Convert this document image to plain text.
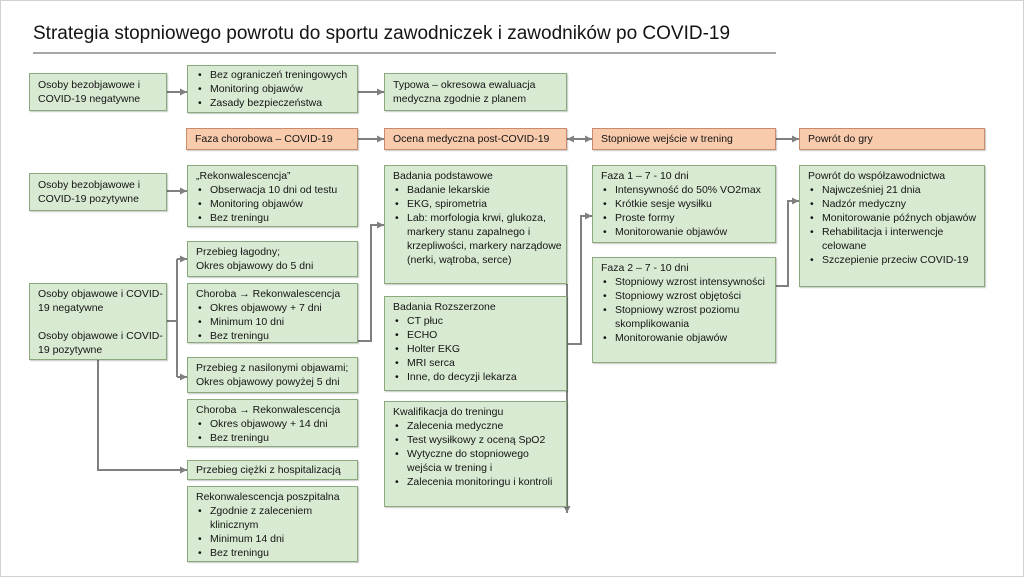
Strategia stopniowego powrotu do sportu zawodniczek i zawodników po COVID-19
Osoby bezobjawowe i COVID-19 negatywne
• Bez ograniczeń treningowych
• Monitoring objawów
• Zasady bezpieczeństwa
Typowa – okresowa ewaluacja medyczna zgodnie z planem
Faza chorobowa – COVID-19	Ocena medyczna post-COVID-19	Stopniowe wejście w trening	Powrót do gry
Osoby bezobjawowe i COVID-19 pozytywne
Osoby objawowe i COVID-19 negatywne
Osoby objawowe i COVID-19 pozytywne
„Rekonwalescencja”
• Obserwacja 10 dni od testu
• Monitoring objawów
• Bez treningu
Przebieg łagodny;
Okres objawowy do 5 dni
Choroba → Rekonwalescencja
• Okres objawowy + 7 dni
• Minimum 10 dni
• Bez treningu
Przebieg z nasilonymi objawami;
Okres objawowy powyżej 5 dni
Choroba → Rekonwalescencja
• Okres objawowy + 14 dni
• Bez treningu
Przebieg ciężki z hospitalizacją
Rekonwalescencja poszpitalna
• Zgodnie z zaleceniem klinicznym
• Minimum 14 dni
• Bez treningu
Badania podstawowe
• Badanie lekarskie
• EKG, spirometria
• Lab: morfologia krwi, glukoza, markery stanu zapalnego i krzepliwości, markery narządowe (nerki, wątroba, serce)
Badania Rozszerzone
• CT płuc
• ECHO
• Holter EKG
• MRI serca
• Inne, do decyzji lekarza
Kwalifikacja do treningu
• Zalecenia medyczne
• Test wysiłkowy z oceną SpO2
• Wytyczne do stopniowego wejścia w trening i
• Zalecenia monitoringu i kontroli
Faza 1 – 7 - 10 dni
• Intensywność do 50% VO2max
• Krótkie sesje wysiłku
• Proste formy
• Monitorowanie objawów
Faza 2 – 7 - 10 dni
• Stopniowy wzrost intensywności
• Stopniowy wzrost objętości
• Stopniowy wzrost poziomu skomplikowania
• Monitorowanie objawów
Powrót do współzawodnictwa
• Najwcześniej 21 dnia
• Nadzór medyczny
• Monitorowanie późnych objawów
• Rehabilitacja i interwencje celowane
• Szczepienie przeciw COVID-19
